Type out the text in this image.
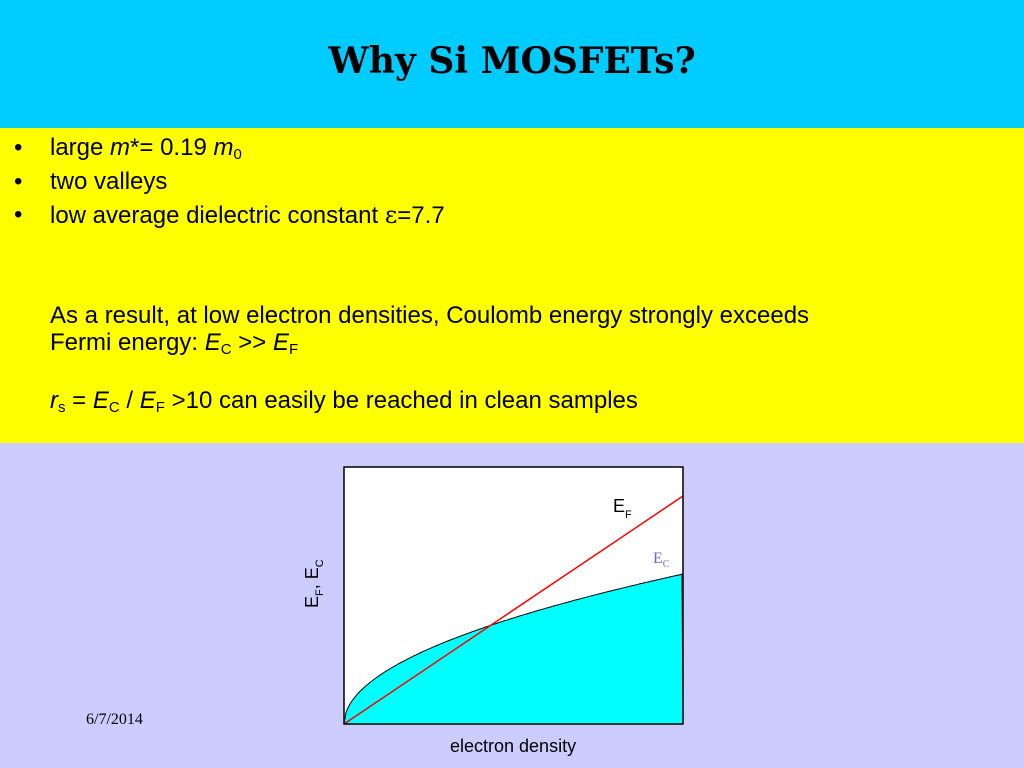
Why Si MOSFETs?
• large m*= 0.19 $m_0$
• two valleys
• low average dielectric constant ε=7.7
As a result, at low electron densities, Coulomb energy strongly exceeds
Fermi energy: $E_C >> E_F$
$r_s = E_C / E_F >10$ can easily be reached in clean samples
$E_F$
$E_C$
electron density
$E_F$, $E_C$
6/7/2014
